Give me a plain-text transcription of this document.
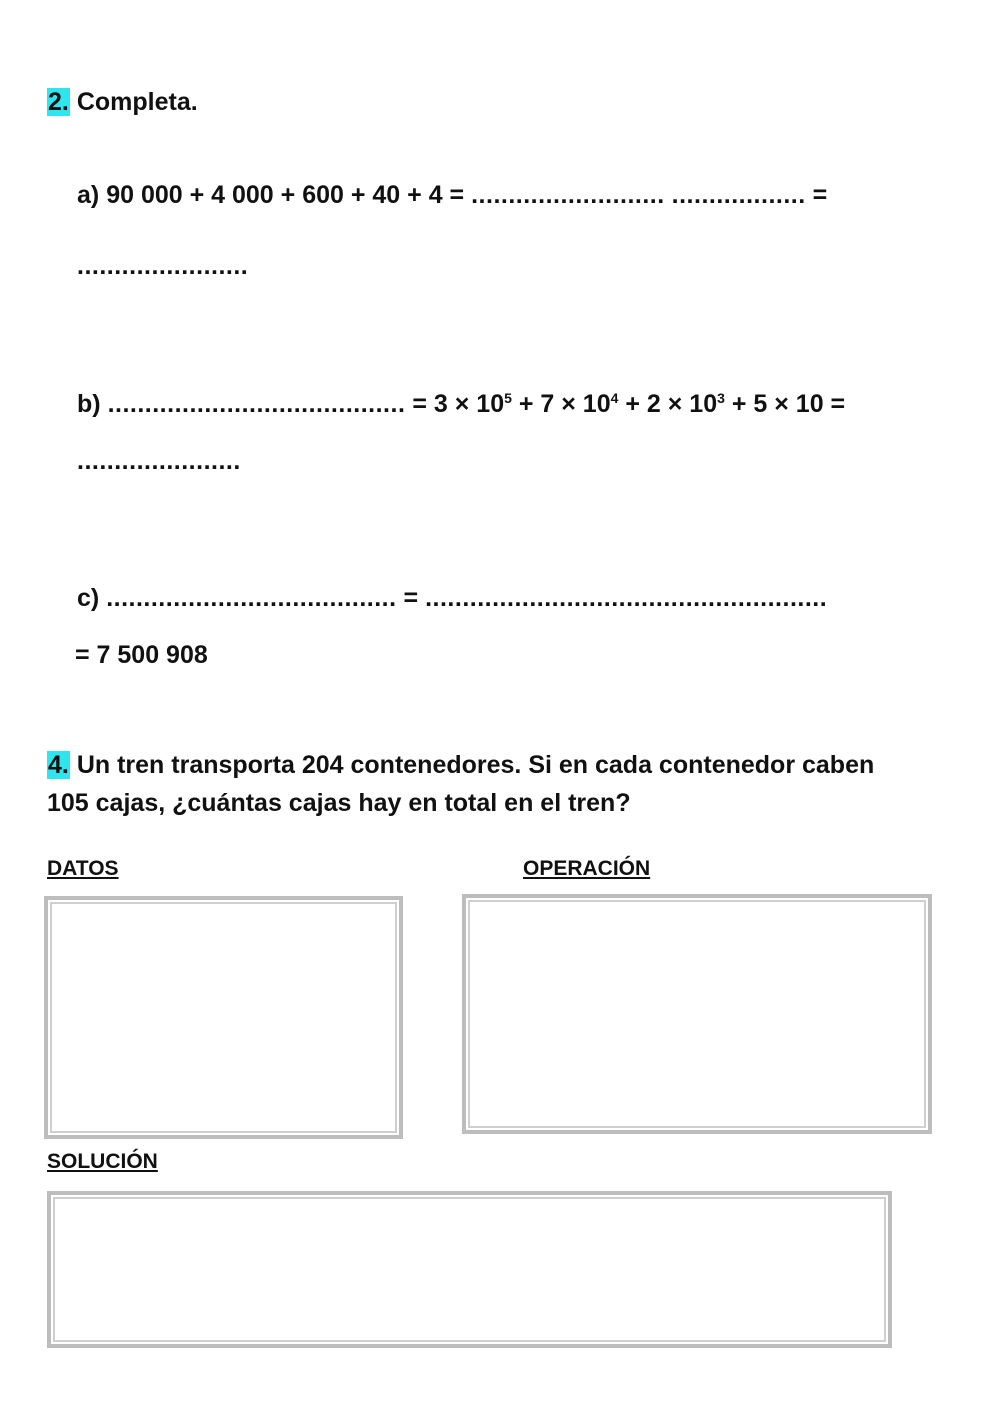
2. Completa.
a) 90 000 + 4 000 + 600 + 40 + 4 = .......................... .................. =
.......................
b) ........................................ = $3 \times 10^5 + 7 \times 10^4 + 2 \times 10^3 + 5 \times 10$ =
......................
c) ....................................... = ......................................................
= 7 500 908
4. Un tren transporta 204 contenedores. Si en cada contenedor caben
105 cajas, ¿cuántas cajas hay en total en el tren?
DATOS	OPERACIÓN
SOLUCIÓN
